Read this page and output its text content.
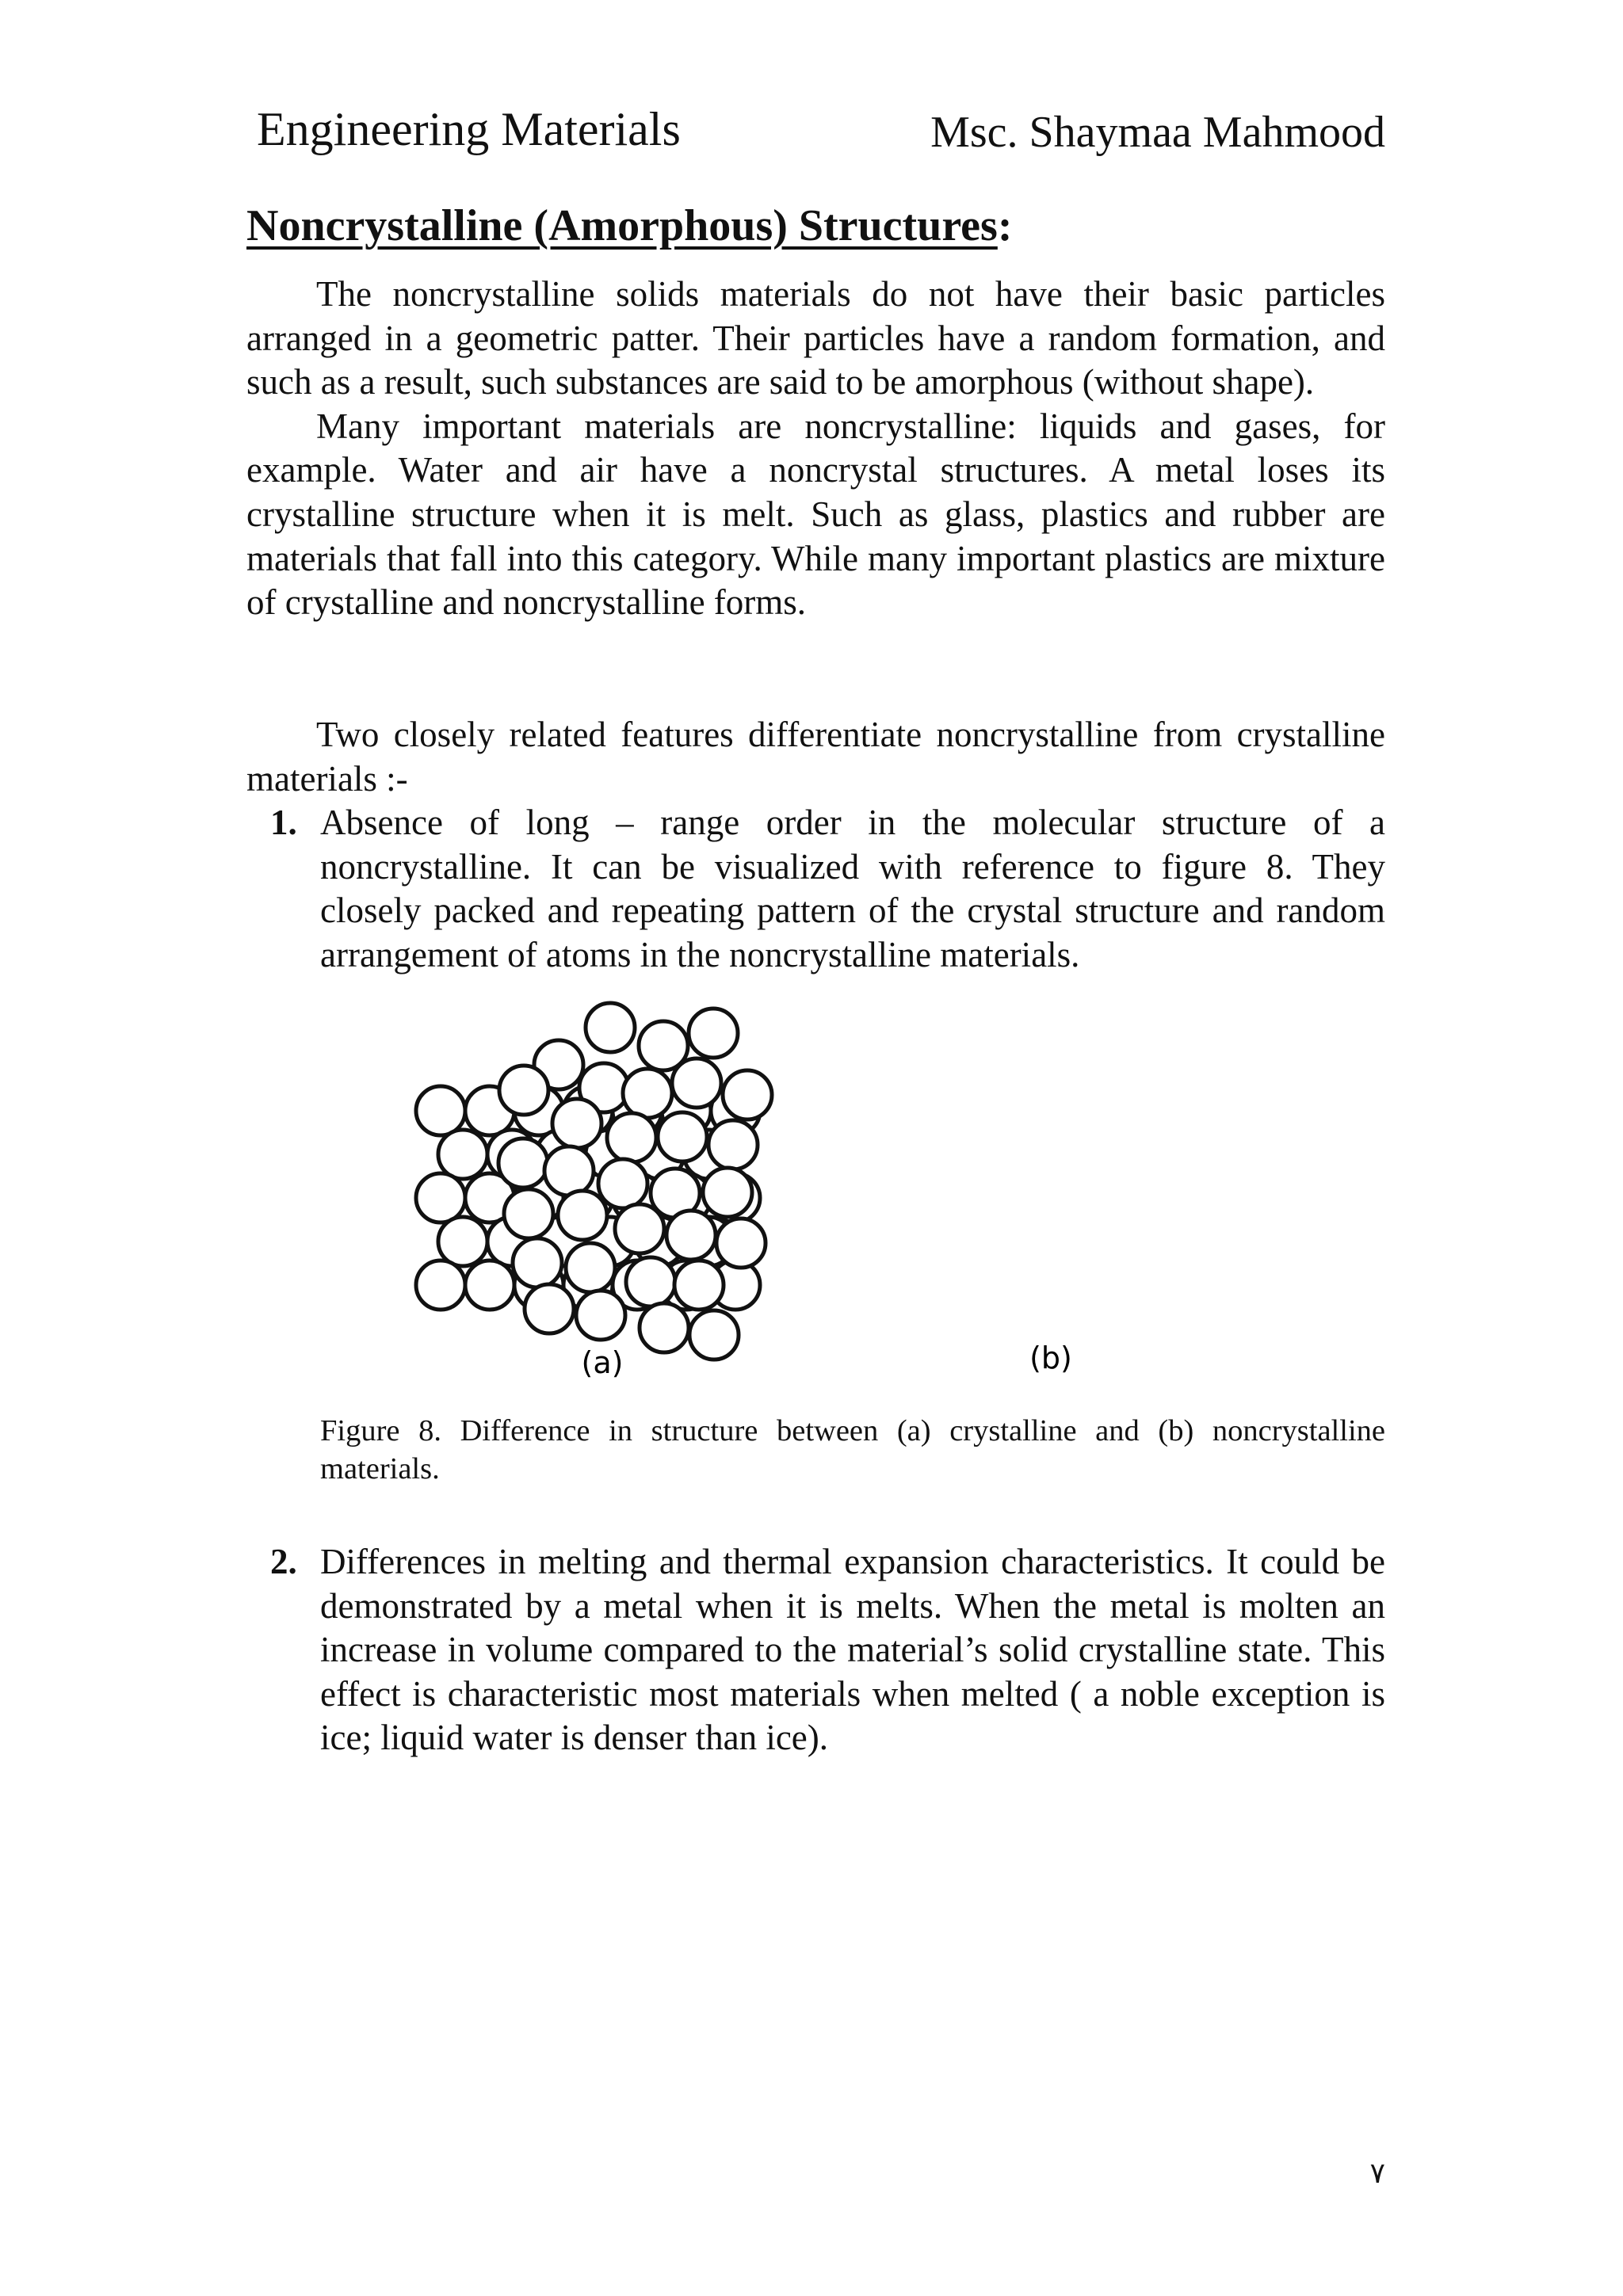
Engineering Materials	Msc. Shaymaa Mahmood
Noncrystalline (Amorphous) Structures:

The noncrystalline solids materials do not have their basic particles arranged in a geometric patter. Their particles have a random formation, and such as a result, such substances are said to be amorphous (without shape).

Many important materials are noncrystalline: liquids and gases, for example. Water and air have a noncrystal structures. A metal loses its crystalline structure when it is melt. Such as glass, plastics and rubber are materials that fall into this category. While many important plastics are mixture of crystalline and noncrystalline forms.

Two closely related features differentiate noncrystalline from crystalline materials :-

1. Absence of long – range order in the molecular structure of a noncrystalline. It can be visualized with reference to figure 8. They closely packed and repeating pattern of the crystal structure and random arrangement of atoms in the noncrystalline materials.
(a)	(b)
Figure 8. Difference in structure between (a) crystalline and (b) noncrystalline materials.
2. Differences in melting and thermal expansion characteristics. It could be demonstrated by a metal when it is melts. When the metal is molten an increase in volume compared to the material’s solid crystalline state. This effect is characteristic most materials when melted ( a noble exception is ice; liquid water is denser than ice).
٧
